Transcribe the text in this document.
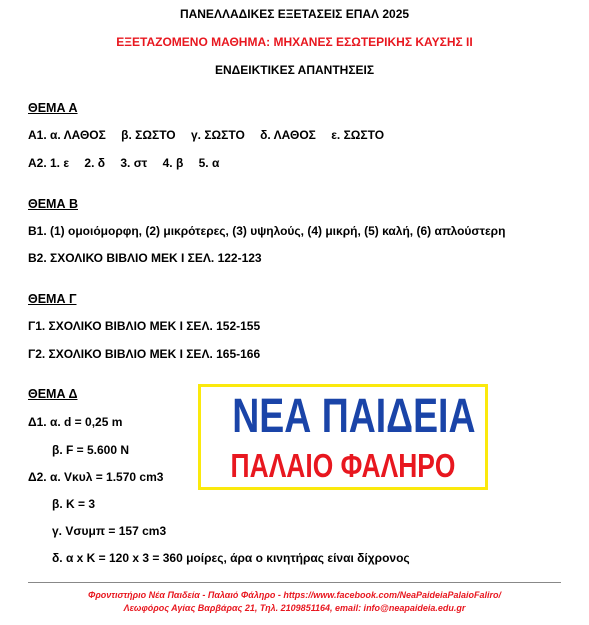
ΠΑΝΕΛΛΑΔΙΚΕΣ ΕΞΕΤΑΣΕΙΣ ΕΠΑΛ 2025
ΕΞΕΤΑΖΟΜΕΝΟ ΜΑΘΗΜΑ: ΜΗΧΑΝΕΣ ΕΣΩΤΕΡΙΚΗΣ ΚΑΥΣΗΣ ΙΙ
ΕΝΔΕΙΚΤΙΚΕΣ ΑΠΑΝΤΗΣΕΙΣ
ΘΕΜΑ Α
Α1. α. ΛΑΘΟΣ β. ΣΩΣΤΟ γ. ΣΩΣΤΟ δ. ΛΑΘΟΣ ε. ΣΩΣΤΟ
Α2. 1. ε 2. δ 3. στ 4. β 5. α
ΘΕΜΑ Β
Β1. (1) ομοιόμορφη, (2) μικρότερες, (3) υψηλούς, (4) μικρή, (5) καλή, (6) απλούστερη
Β2. ΣΧΟΛΙΚΟ ΒΙΒΛΙΟ ΜΕΚ Ι ΣΕΛ. 122-123
ΘΕΜΑ Γ
Γ1. ΣΧΟΛΙΚΟ ΒΙΒΛΙΟ ΜΕΚ Ι ΣΕΛ. 152-155
Γ2. ΣΧΟΛΙΚΟ ΒΙΒΛΙΟ ΜΕΚ Ι ΣΕΛ. 165-166
ΘΕΜΑ Δ
Δ1. α. d = 0,25 m
β. F = 5.600 N
Δ2. α. Vκυλ = 1.570 cm3
β. K = 3
γ. Vσυμπ = 157 cm3
δ. α x K = 120 x 3 = 360 μοίρες, άρα ο κινητήρας είναι δίχρονος
ΝΕΑ ΠΑΙΔΕΙΑ
ΠΑΛΑΙΟ ΦΑΛΗΡΟ
Φροντιστήριο Νέα Παιδεία - Παλαιό Φάληρο - https://www.facebook.com/NeaPaideiaPalaioFaliro/
Λεωφόρος Αγίας Βαρβάρας 21, Τηλ. 2109851164, email: info@neapaideia.edu.gr
